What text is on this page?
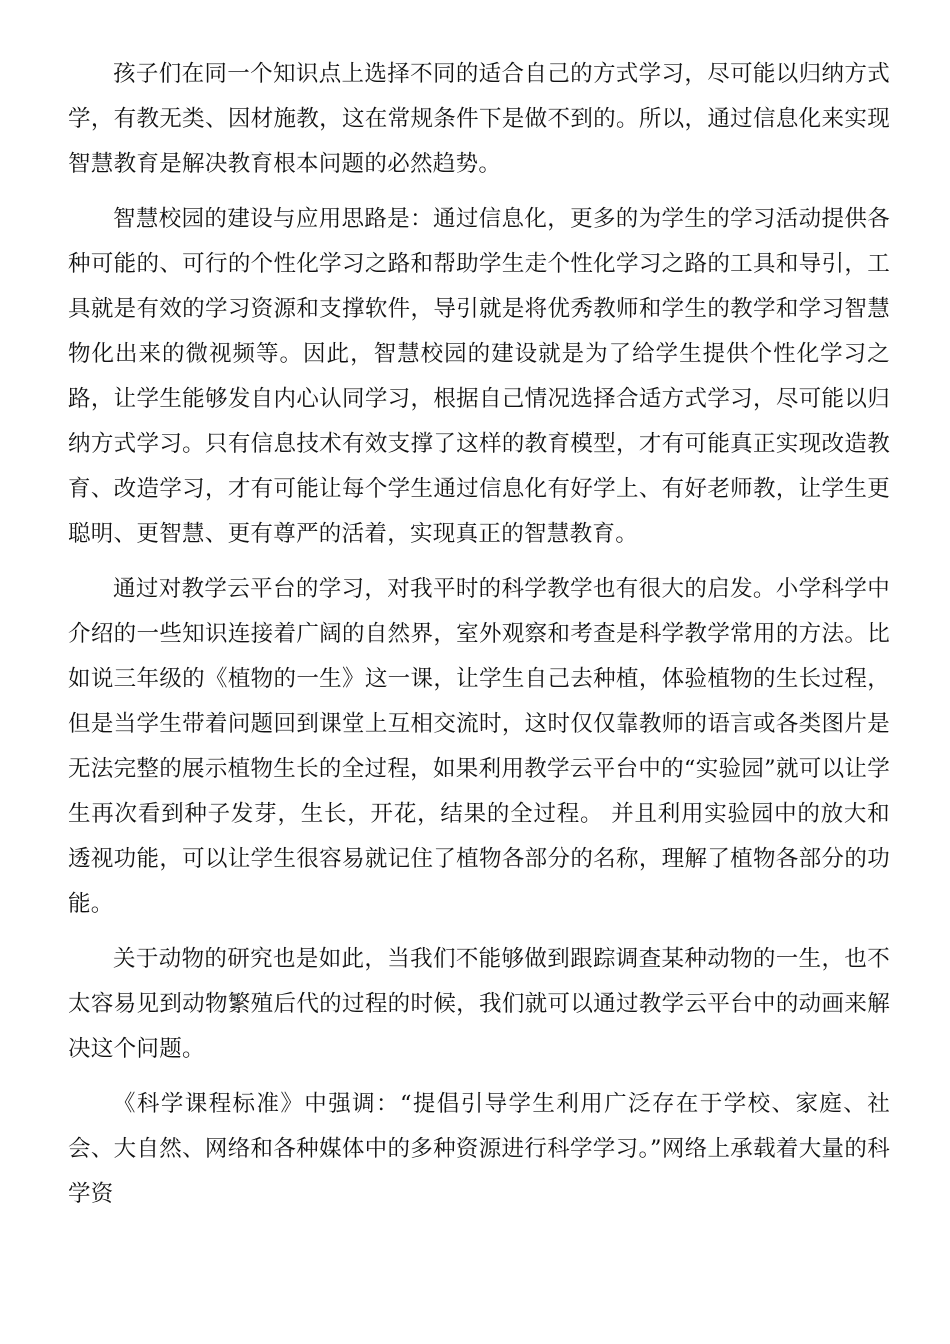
孩子们在同一个知识点上选择不同的适合自己的方式学习，尽可能以归纳方式学，有教无类、因材施教，这在常规条件下是做不到的。所以，通过信息化来实现智慧教育是解决教育根本问题的必然趋势。

智慧校园的建设与应用思路是：通过信息化，更多的为学生的学习活动提供各种可能的、可行的个性化学习之路和帮助学生走个性化学习之路的工具和导引，工具就是有效的学习资源和支撑软件，导引就是将优秀教师和学生的教学和学习智慧物化出来的微视频等。因此，智慧校园的建设就是为了给学生提供个性化学习之路，让学生能够发自内心认同学习，根据自己情况选择合适方式学习，尽可能以归纳方式学习。只有信息技术有效支撑了这样的教育模型，才有可能真正实现改造教育、改造学习，才有可能让每个学生通过信息化有好学上、有好老师教，让学生更聪明、更智慧、更有尊严的活着，实现真正的智慧教育。

通过对教学云平台的学习，对我平时的科学教学也有很大的启发。小学科学中介绍的一些知识连接着广阔的自然界，室外观察和考查是科学教学常用的方法。比如说三年级的《植物的一生》这一课，让学生自己去种植，体验植物的生长过程，但是当学生带着问题回到课堂上互相交流时，这时仅仅靠教师的语言或各类图片是无法完整的展示植物生长的全过程，如果利用教学云平台中的“实验园”就可以让学生再次看到种子发芽，生长，开花，结果的全过程。 并且利用实验园中的放大和透视功能，可以让学生很容易就记住了植物各部分的名称，理解了植物各部分的功能。

关于动物的研究也是如此，当我们不能够做到跟踪调查某种动物的一生，也不太容易见到动物繁殖后代的过程的时候，我们就可以通过教学云平台中的动画来解决这个问题。

《科学课程标准》中强调：“提倡引导学生利用广泛存在于学校、家庭、社会、大自然、网络和各种媒体中的多种资源进行科学学习。”网络上承载着大量的科学资
